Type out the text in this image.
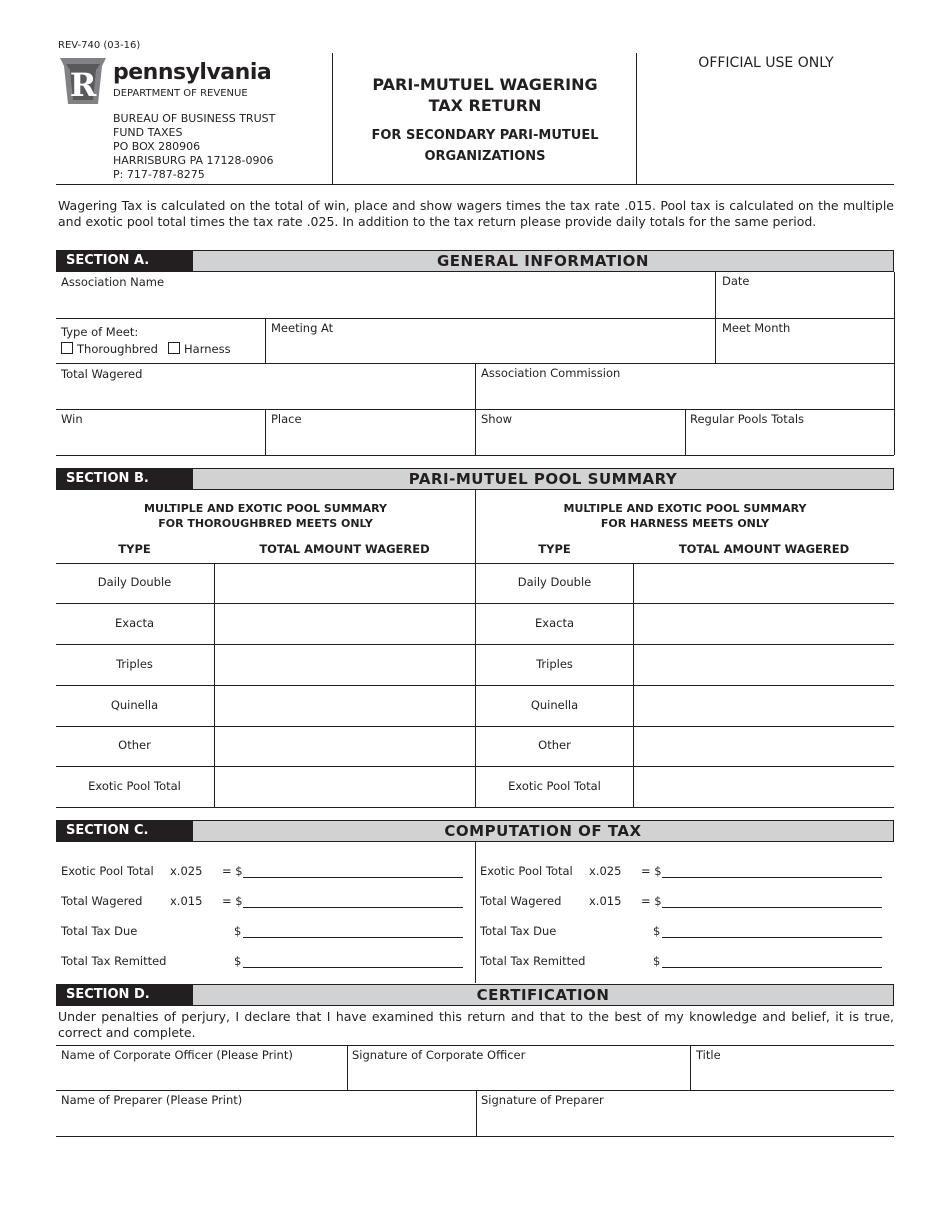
REV-740 (03-16)
R pennsylvania
DEPARTMENT OF REVENUE
BUREAU OF BUSINESS TRUST
FUND TAXES
PO BOX 280906
HARRISBURG PA 17128-0906
P: 717-787-8275
PARI-MUTUEL WAGERING
TAX RETURN
FOR SECONDARY PARI-MUTUEL
ORGANIZATIONS
OFFICIAL USE ONLY
Wagering Tax is calculated on the total of win, place and show wagers times the tax rate .015. Pool tax is calculated on the multiple and exotic pool total times the tax rate .025. In addition to the tax return please provide daily totals for the same period.
SECTION A.	GENERAL INFORMATION
Association Name	Date
Type of Meet:
Thoroughbred	Harness
Meeting At	Meet Month
Total Wagered	Association Commission
Win	Place	Show	Regular Pools Totals
SECTION B.	PARI-MUTUEL POOL SUMMARY
MULTIPLE AND EXOTIC POOL SUMMARY
FOR THOROUGHBRED MEETS ONLY
MULTIPLE AND EXOTIC POOL SUMMARY
FOR HARNESS MEETS ONLY
TYPE	TOTAL AMOUNT WAGERED	TYPE	TOTAL AMOUNT WAGERED
Daily Double
Exacta
Triples
Quinella
Other
Exotic Pool Total
Daily Double
Exacta
Triples
Quinella
Other
Exotic Pool Total
SECTION C.	COMPUTATION OF TAX
Exotic Pool Total x.025 = $
Total Wagered x.015 = $
Total Tax Due	$
Total Tax Remitted	$
Exotic Pool Total x.025 = $
Total Wagered x.015 = $
Total Tax Due	$
Total Tax Remitted	$
SECTION D.	CERTIFICATION
Under penalties of perjury, I declare that I have examined this return and that to the best of my knowledge and belief, it is true, correct and complete.
Name of Corporate Officer (Please Print)	Signature of Corporate Officer	Title
Name of Preparer (Please Print)	Signature of Preparer
